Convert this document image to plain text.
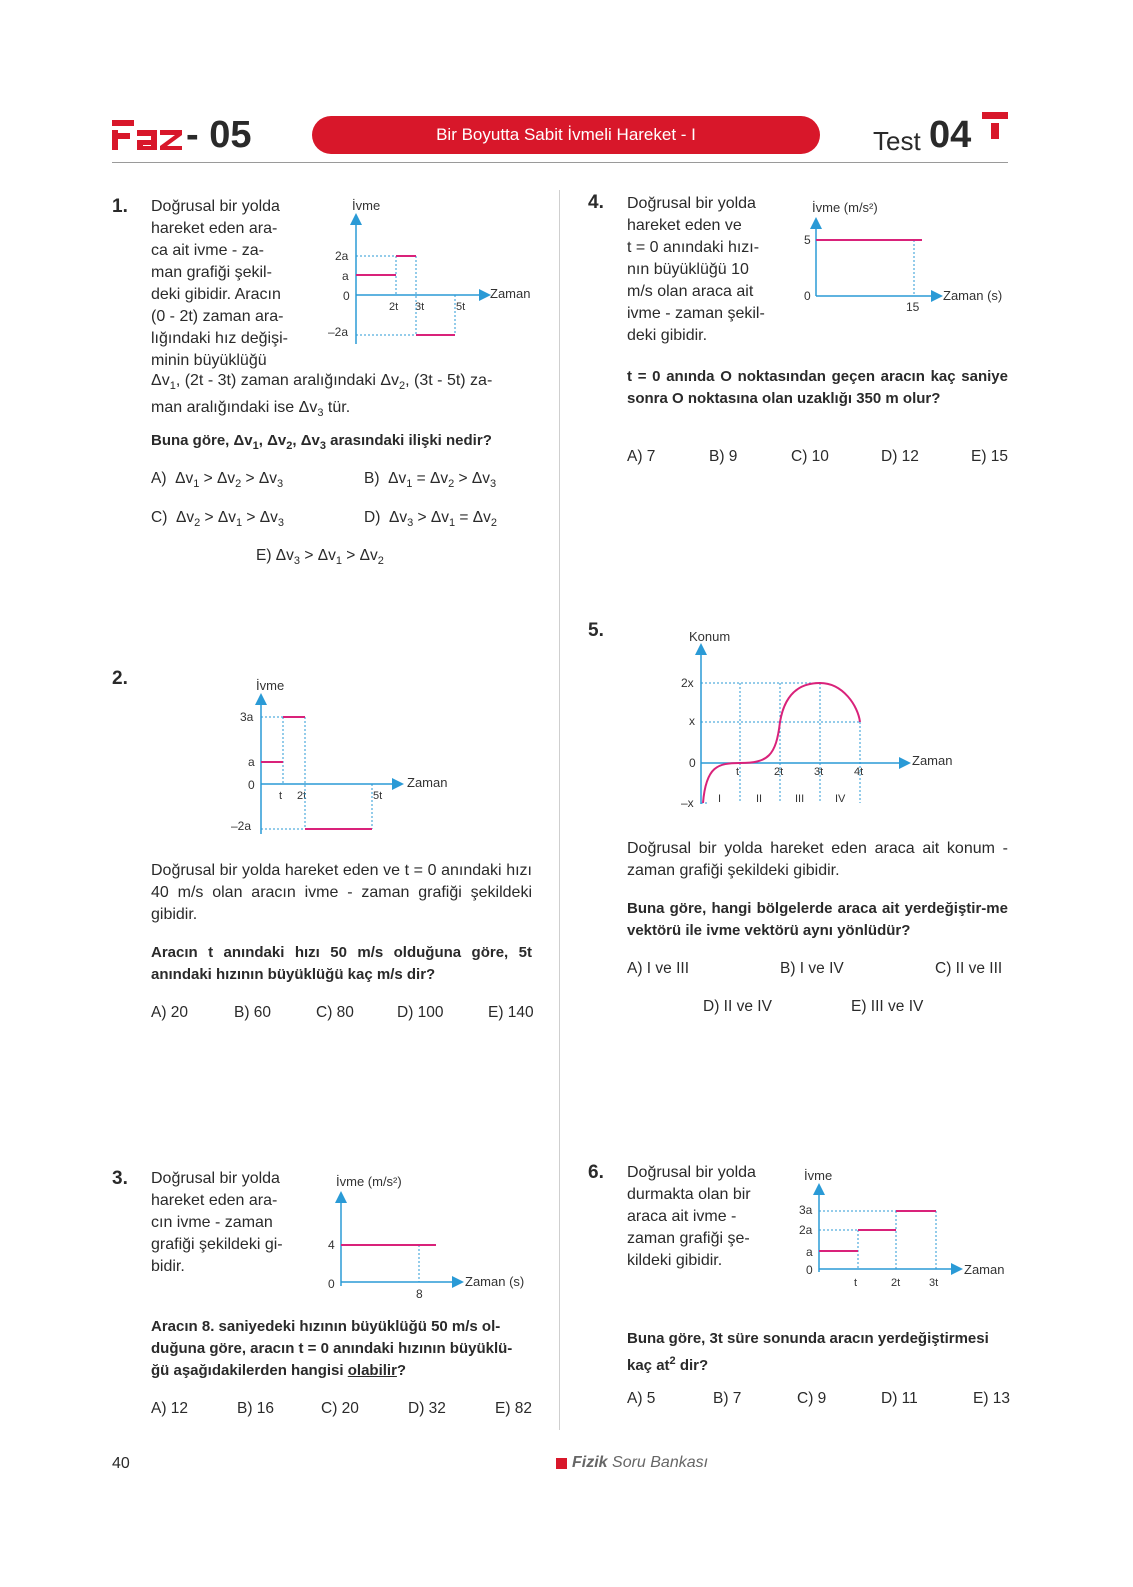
- 05	Bir Boyutta Sabit İvmeli Hareket - I	Test 04
1. Doğrusal bir yolda
hareket eden ara-
ca ait ivme - za-
man grafiği şekil-
deki gibidir. Aracın
(0 - 2t) zaman ara-
lığındaki hız değişi-
minin büyüklüğü
$\Delta v_1$, (2t - 3t) zaman aralığındaki $\Delta v_2$, (3t - 5t) za-
man aralığındaki ise $\Delta v_3$ tür.
Buna göre, $\Delta v_1$, $\Delta v_2$, $\Delta v_3$ arasındaki ilişki nedir?
İvme
Zaman
2a
a
0
–2a
2t 3t	5t
A)  $\Delta v_1 > \Delta v_2 > \Delta v_3$	B)  $\Delta v_1 = \Delta v_2 > \Delta v_3$
C)  $\Delta v_2 > \Delta v_1 > \Delta v_3$	D)  $\Delta v_3 > \Delta v_1 = \Delta v_2$
E) $\Delta v_3 > \Delta v_1 > \Delta v_2$
2.	İvme
Zaman
3a
a
0
–2a
t 2t	5t
Doğrusal bir yolda hareket eden ve t = 0 anındaki hızı 40 m/s olan aracın ivme - zaman grafiği şekildeki gibidir.
Aracın t anındaki hızı 50 m/s olduğuna göre, 5t anındaki hızının büyüklüğü kaç m/s dir?
A) 20	B) 60	C) 80	D) 100	E) 140
3. Doğrusal bir yolda
hareket eden ara-
cın ivme - zaman
grafiği şekildeki gi-
bidir.
İvme (m/s²)
Zaman (s)
4
0
8
Aracın 8. saniyedeki hızının büyüklüğü 50 m/s ol-
duğuna göre, aracın t = 0 anındaki hızının büyüklü-
ğü aşağıdakilerden hangisi olabilir?
A) 12	B) 16	C) 20	D) 32	E) 82
4. Doğrusal bir yolda
hareket eden ve
t = 0 anındaki hızı-
nın büyüklüğü 10
m/s olan araca ait
ivme - zaman şekil-
deki gibidir.
İvme (m/s²)
Zaman (s)
5
0
15
t = 0 anında O noktasından geçen aracın kaç saniye sonra O noktasına olan uzaklığı 350 m olur?
A) 7	B) 9	C) 10	D) 12	E) 15
5.	Konum
Zaman
2x
x
0
–x
t	2t	3t	4t
I	II	III	IV
Doğrusal bir yolda hareket eden araca ait konum - zaman grafiği şekildeki gibidir.
Buna göre, hangi bölgelerde araca ait yerdeğiştir-me vektörü ile ivme vektörü aynı yönlüdür?
A) I ve III	B) I ve IV	C) II ve III
D) II ve IV	E) III ve IV
6. Doğrusal bir yolda
durmakta olan bir
araca ait ivme -
zaman grafiği şe-
kildeki gibidir.
İvme
Zaman
3a
2a
a
0
t	2t	3t
Buna göre, 3t süre sonunda aracın yerdeğiştirmesi
kaç $at^2$ dir?
A) 5	B) 7	C) 9	D) 11	E) 13
40	Fizik Soru Bankası
